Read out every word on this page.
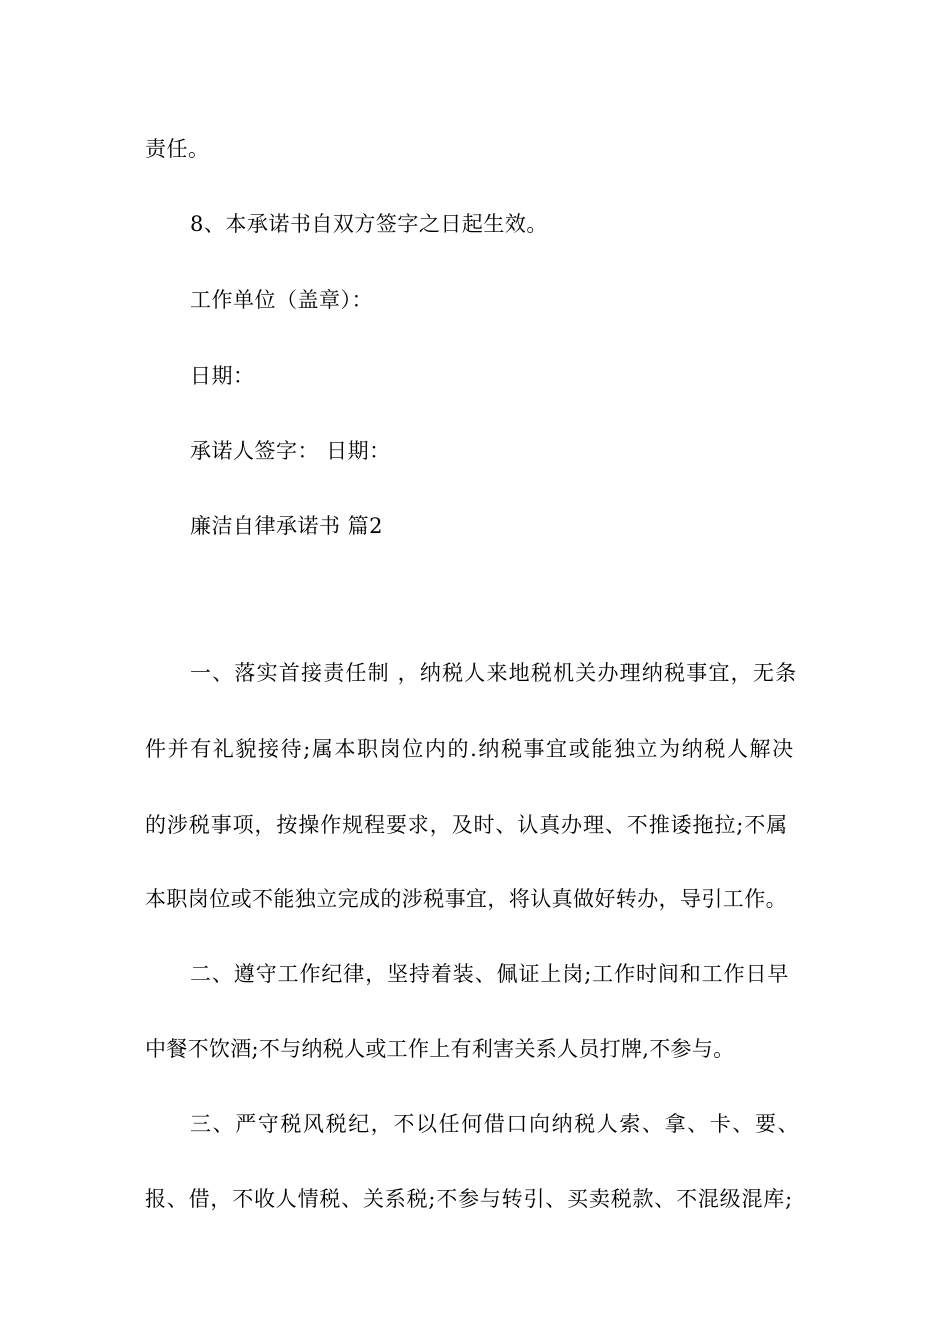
责任。
8、本承诺书自双方签字之日起生效。
工作单位（盖章）：
日期：
承诺人签字： 日期：
廉洁自律承诺书 篇2
一、落实首接责任制 ，纳税人来地税机关办理纳税事宜，无条
件并有礼貌接待;属本职岗位内的.纳税事宜或能独立为纳税人解决
的涉税事项，按操作规程要求，及时、认真办理、不推诿拖拉;不属
本职岗位或不能独立完成的涉税事宜，将认真做好转办，导引工作。
二、遵守工作纪律，坚持着装、佩证上岗;工作时间和工作日早
中餐不饮酒;不与纳税人或工作上有利害关系人员打牌,不参与。
三、严守税风税纪，不以任何借口向纳税人索、拿、卡、要、
报、借，不收人情税、关系税;不参与转引、买卖税款、不混级混库;
